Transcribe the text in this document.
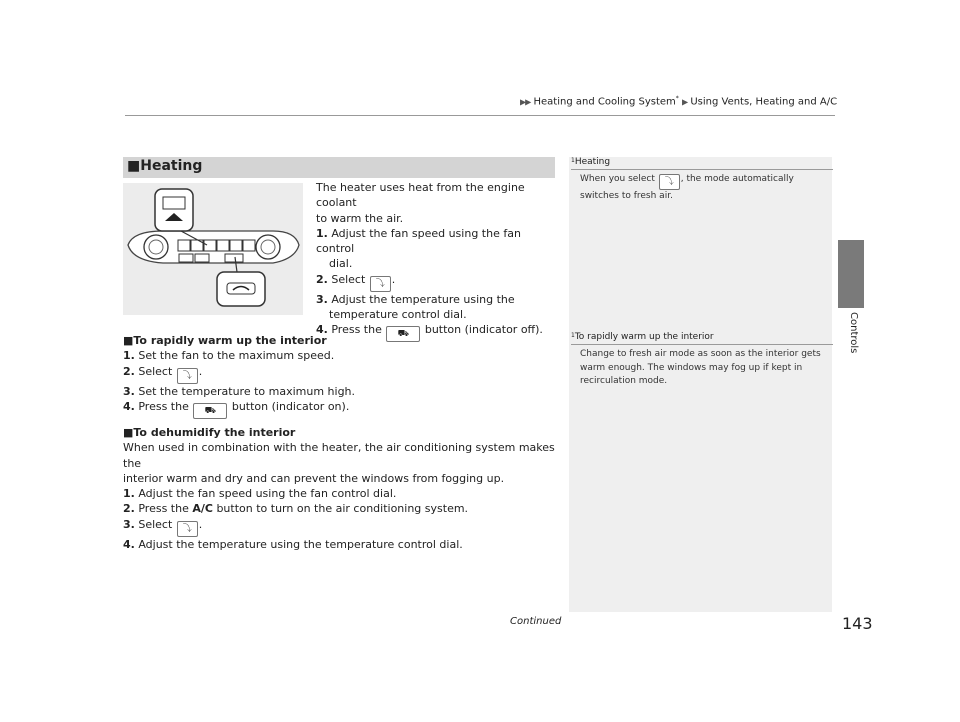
▶▶ Heating and Cooling System* ▶ Using Vents, Heating and A/C
Controls
■Heating
The heater uses heat from the engine coolant
to warm the air.
1. Adjust the fan speed using the fan control
dial.
2. Select ⤵ .
3. Adjust the temperature using the
temperature control dial.
4. Press the ⛟ button (indicator off).
■To rapidly warm up the interior
1. Set the fan to the maximum speed.
2. Select ⤵ .
3. Set the temperature to maximum high.
4. Press the ⛟ button (indicator on).
■To dehumidify the interior
When used in combination with the heater, the air conditioning system makes the
interior warm and dry and can prevent the windows from fogging up.
1. Adjust the fan speed using the fan control dial.
2. Press the A/C button to turn on the air conditioning system.
3. Select ⤵ .
4. Adjust the temperature using the temperature control dial.
$^1$Heating
When you select ⤵ , the mode automatically
switches to fresh air.
$^1$To rapidly warm up the interior
Change to fresh air mode as soon as the interior gets
warm enough. The windows may fog up if kept in
recirculation mode.
Continued	143
